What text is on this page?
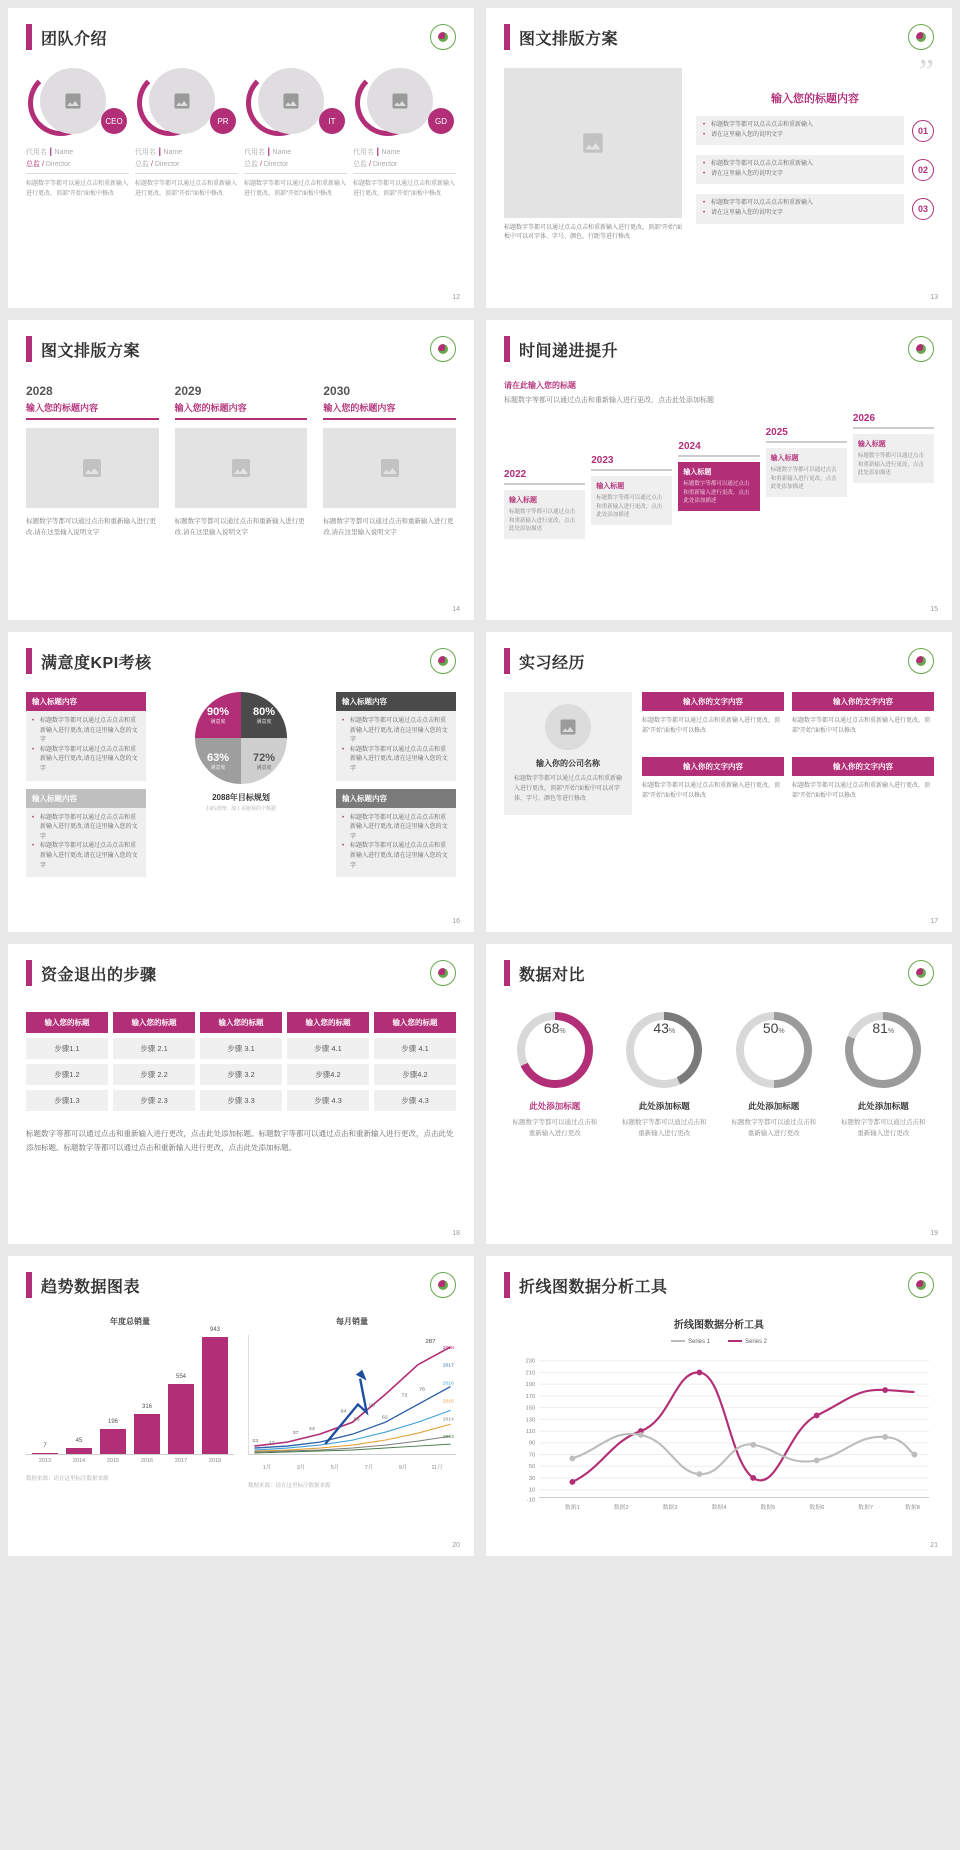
团队介绍
CEO
代用名 | Name
总监 / Director
标题数字等都可以通过点击和重新输入进行更改，顶部“开始”面板中修改
PR
代用名 | Name
总监 / Director
标题数字等都可以通过点击和重新输入进行更改，顶部“开始”面板中修改
IT
代用名 | Name
总监 / Director
标题数字等都可以通过点击和重新输入进行更改，顶部“开始”面板中修改
GD
代用名 | Name
总监 / Director
标题数字等都可以通过点击和重新输入进行更改，顶部“开始”面板中修改
12
图文排版方案
标题数字等都可以通过点击点击和重新输入进行更改，顶部“开始”面板中可以对字体、字号、颜色、行距等进行修改
”
输入您的标题内容
• 标题数字等都可以点击点击和重新输入
• 请在这里输入您的说明文字	01
• 标题数字等都可以点击点击和重新输入
• 请在这里输入您的说明文字	02
• 标题数字等都可以点击点击和重新输入
• 请在这里输入您的说明文字	03
13
图文排版方案
2028
输入您的标题内容
标题数字等都可以通过点击和重新输入进行更改,请在这里输入说明文字
2029
输入您的标题内容
标题数字等都可以通过点击和重新输入进行更改,请在这里输入说明文字
2030
输入您的标题内容
标题数字等都可以通过点击和重新输入进行更改,请在这里输入说明文字
14
时间递进提升
请在此输入您的标题
标题数字等都可以通过点击和重新输入进行更改，点击此处添加标题
2022
输入标题
标题数字等都可以通过点击和重新输入进行更改，点击此处添加描述
2023
输入标题
标题数字等都可以通过点击和重新输入进行更改，点击此处添加描述
2024
输入标题
标题数字等都可以通过点击和重新输入进行更改，点击此处添加描述
2025
输入标题
标题数字等都可以通过点击和重新输入进行更改，点击此处添加描述
2026
输入标题
标题数字等都可以通过点击和重新输入进行更改，点击此处添加描述
15
满意度KPI考核
输入标题内容
• 标题数字等都可以通过点击点击和重新输入进行更改,请在这里输入您的文字
• 标题数字等都可以通过点击点击和重新输入进行更改,请在这里输入您的文字
输入标题内容
• 标题数字等都可以通过点击点击和重新输入进行更改,请在这里输入您的文字
• 标题数字等都可以通过点击点击和重新输入进行更改,请在这里输入您的文字
90%
满意度
80%
满意度
63%
满意度
72%
满意度
2088年目标规划
扫码清理：加工美她预的个数据
输入标题内容
• 标题数字等都可以通过点击点击和重新输入进行更改,请在这里输入您的文字
• 标题数字等都可以通过点击点击和重新输入进行更改,请在这里输入您的文字
输入标题内容
• 标题数字等都可以通过点击点击和重新输入进行更改,请在这里输入您的文字
• 标题数字等都可以通过点击点击和重新输入进行更改,请在这里输入您的文字
16
实习经历
输入你的公司名称
标题数字等都可以通过点击点击和重新输入进行更改，顶部“开始”面板中可以对字体、字号、颜色等进行修改
输入你的文字内容
标题数字等都可以通过点击和重新输入进行更改，顶部“开始”面板中可以修改
输入你的文字内容
标题数字等都可以通过点击和重新输入进行更改，顶部“开始”面板中可以修改
输入你的文字内容
标题数字等都可以通过点击和重新输入进行更改，顶部“开始”面板中可以修改
输入你的文字内容
标题数字等都可以通过点击和重新输入进行更改，顶部“开始”面板中可以修改
17
资金退出的步骤
输入您的标题	输入您的标题	输入您的标题	输入您的标题	输入您的标题
步骤1.1	步骤 2.1	步骤 3.1	步骤 4.1	步骤 4.1
步骤1.2	步骤 2.2	步骤 3.2	步骤4.2	步骤4.2
步骤1.3	步骤 2.3	步骤 3.3	步骤 4.3	步骤 4.3
标题数字等都可以通过点击和重新输入进行更改，点击此处添加标题。标题数字等都可以通过点击和重新输入进行更改，点击此处添加标题。标题数字等都可以通过点击和重新输入进行更改，点击此处添加标题。
18
数据对比
68 %
此处添加标题
标题数字等都可以通过点击和重新输入进行更改
43 %
此处添加标题
标题数字等都可以通过点击和重新输入进行更改
50 %
此处添加标题
标题数字等都可以通过点击和重新输入进行更改
81 %
此处添加标题
标题数字等都可以通过点击和重新输入进行更改
19
趋势数据图表
年度总销量
7
45
196
316
554
943
2013	2014	2015	2016	2017	2018
数据来源：请在这里标注数据来源
每月销量
23 17
37
44
94
66
93
62
72
76
287
2018
2017
2016
2015
2014
2013
1月	3月	5月	7月	9月	11月
数据来源：请在这里标注数据来源
20
折线图数据分析工具
折线图数据分析工具
Series 1	Series 2
230
210
190
170
150
130
110
90
70
50
30
10
-10
数据1	数据2	数据3	数据4	数据5	数据6	数据7	数据8
21
